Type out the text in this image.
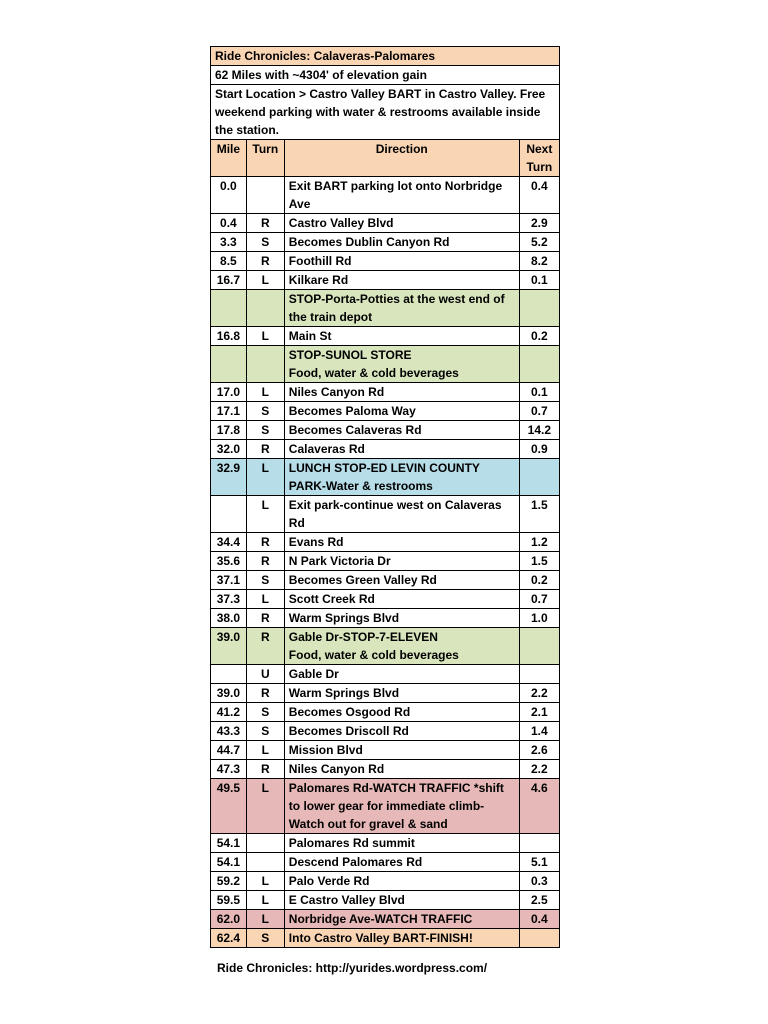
Ride Chronicles: Calaveras-Palomares			
62 Miles with ~4304' of elevation gain			
Start Location > Castro Valley BART in Castro Valley. Free weekend parking with water & restrooms available inside the station.			
Mile	Turn	Direction	Next Turn
0.0		Exit BART parking lot onto Norbridge Ave	0.4
0.4	R	Castro Valley Blvd	2.9
3.3	S	Becomes Dublin Canyon Rd	5.2
8.5	R	Foothill Rd	8.2
16.7	L	Kilkare Rd	0.1
		STOP-Porta-Potties at the west end of the train depot	
16.8	L	Main St	0.2
		STOP-SUNOL STORE
Food, water & cold beverages	
17.0	L	Niles Canyon Rd	0.1
17.1	S	Becomes Paloma Way	0.7
17.8	S	Becomes Calaveras Rd	14.2
32.0	R	Calaveras Rd	0.9
32.9	L	LUNCH STOP-ED LEVIN COUNTY PARK-Water & restrooms	
	L	Exit park-continue west on Calaveras Rd	1.5
34.4	R	Evans Rd	1.2
35.6	R	N Park Victoria Dr	1.5
37.1	S	Becomes Green Valley Rd	0.2
37.3	L	Scott Creek Rd	0.7
38.0	R	Warm Springs Blvd	1.0
39.0	R	Gable Dr-STOP-7-ELEVEN
Food, water & cold beverages	
	U	Gable Dr	
39.0	R	Warm Springs Blvd	2.2
41.2	S	Becomes Osgood Rd	2.1
43.3	S	Becomes Driscoll Rd	1.4
44.7	L	Mission Blvd	2.6
47.3	R	Niles Canyon Rd	2.2
49.5	L	Palomares Rd-WATCH TRAFFIC *shift to lower gear for immediate climb-Watch out for gravel & sand	4.6
54.1		Palomares Rd summit	
54.1		Descend Palomares Rd	5.1
59.2	L	Palo Verde Rd	0.3
59.5	L	E Castro Valley Blvd	2.5
62.0	L	Norbridge Ave-WATCH TRAFFIC	0.4
62.4	S	Into Castro Valley BART-FINISH!	
Ride Chronicles: http://yurides.wordpress.com/
